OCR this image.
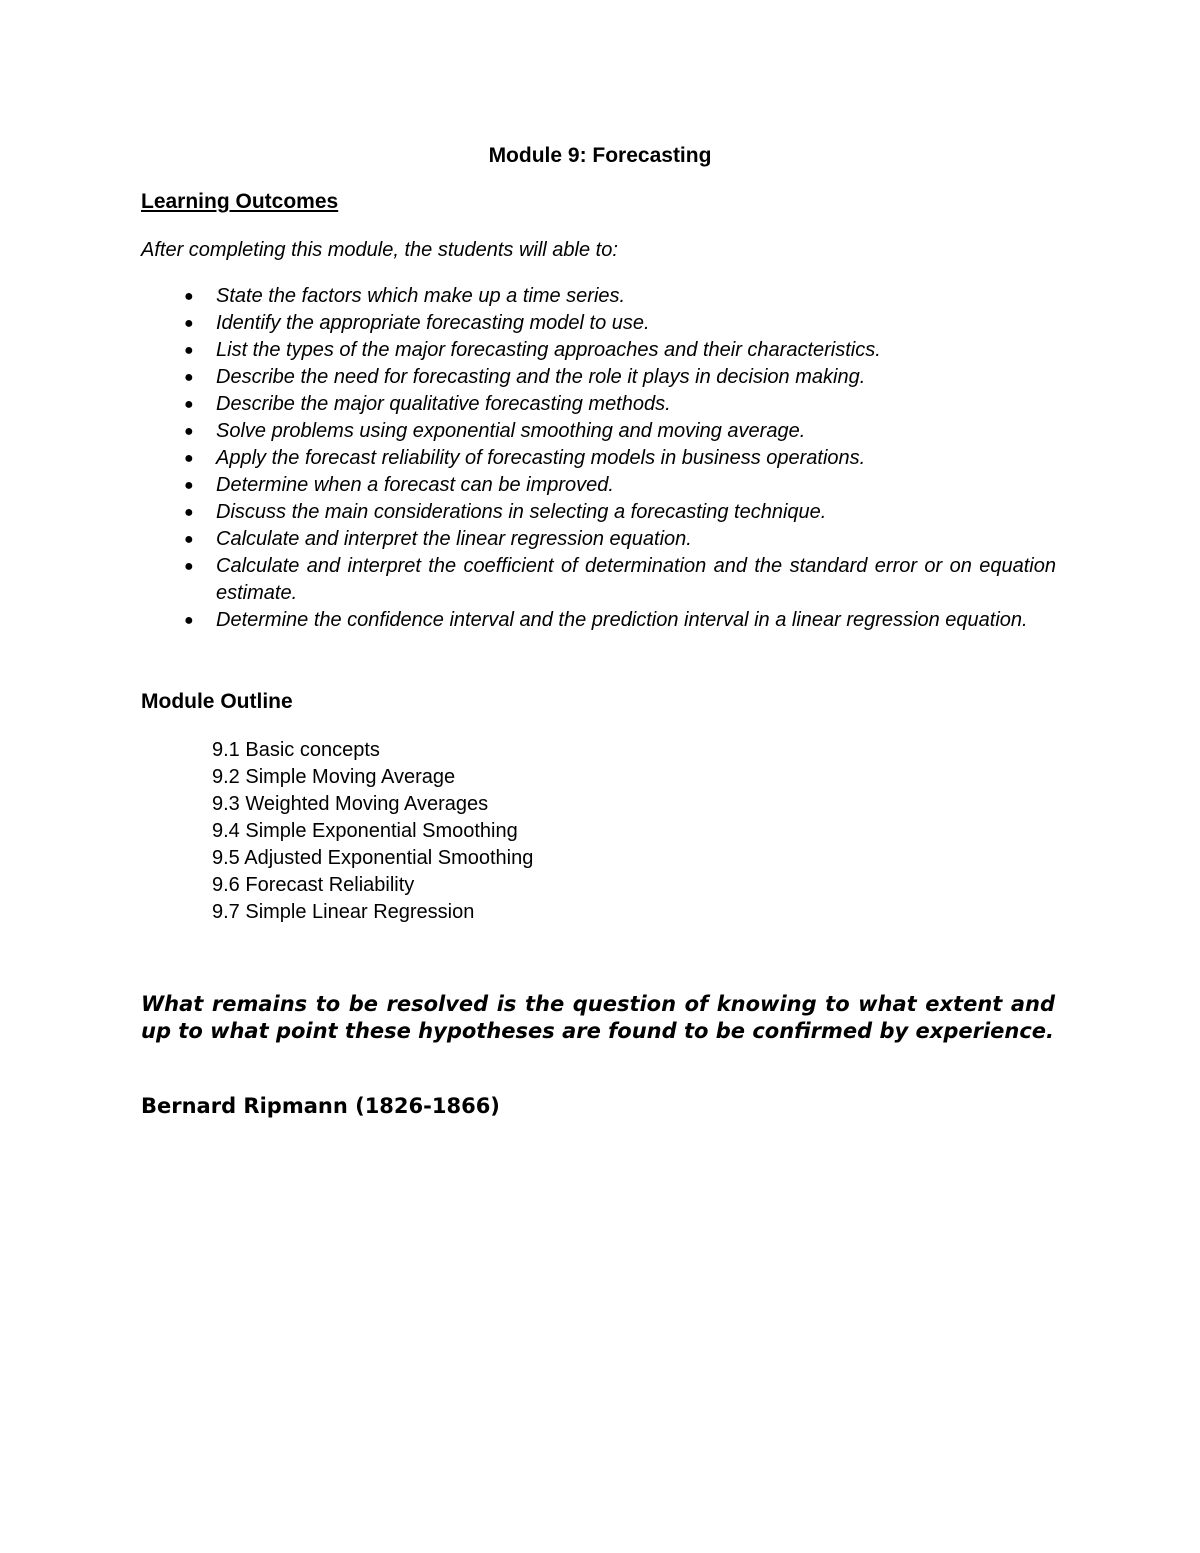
Module 9: Forecasting
Learning Outcomes
After completing this module, the students will able to:
● State the factors which make up a time series.
● Identify the appropriate forecasting model to use.
● List the types of the major forecasting approaches and their characteristics.
● Describe the need for forecasting and the role it plays in decision making.
● Describe the major qualitative forecasting methods.
● Solve problems using exponential smoothing and moving average.
● Apply the forecast reliability of forecasting models in business operations.
● Determine when a forecast can be improved.
● Discuss the main considerations in selecting a forecasting technique.
● Calculate and interpret the linear regression equation.
● Calculate and interpret the coefficient of determination and the standard error or on equation estimate.
● Determine the confidence interval and the prediction interval in a linear regression equation.
Module Outline
9.1 Basic concepts
9.2 Simple Moving Average
9.3 Weighted Moving Averages
9.4 Simple Exponential Smoothing
9.5 Adjusted Exponential Smoothing
9.6 Forecast Reliability
9.7 Simple Linear Regression

What remains to be resolved is the question of knowing to what extent and up to what point these hypotheses are found to be confirmed by experience.

Bernard Ripmann (1826-1866)
